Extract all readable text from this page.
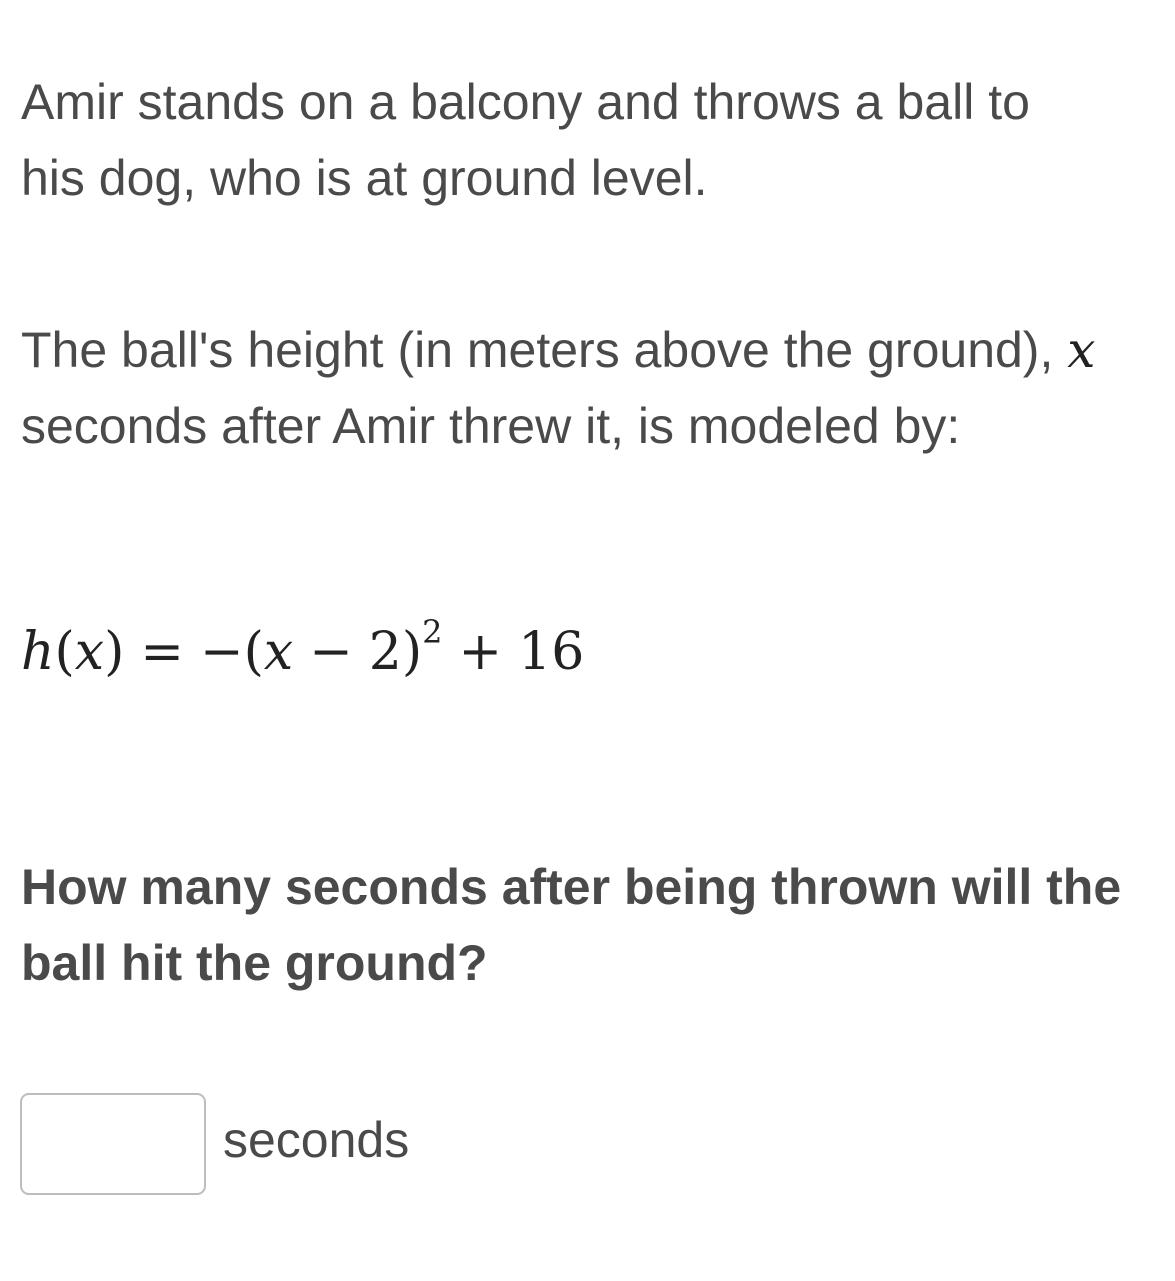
Amir stands on a balcony and throws a ball to
his dog, who is at ground level.
The ball's height (in meters above the ground), x
seconds after Amir threw it, is modeled by:
$h(x) = -(x - 2)^2 + 16$
How many seconds after being thrown will the
ball hit the ground?
seconds
